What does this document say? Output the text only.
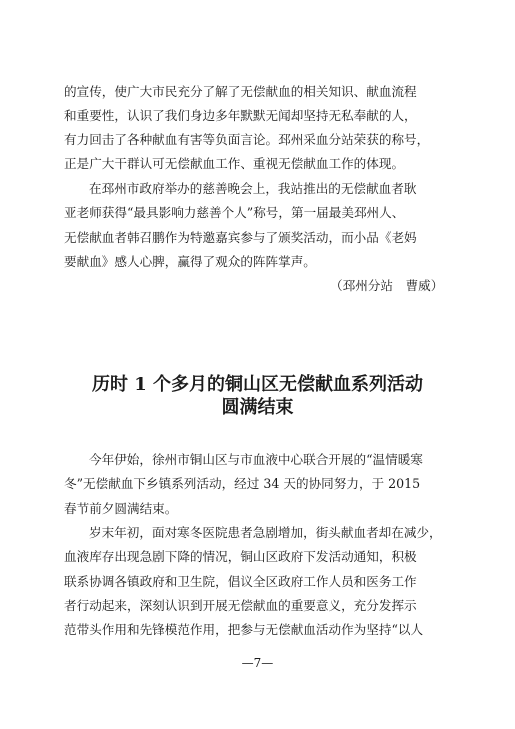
的宣传，使广大市民充分了解了无偿献血的相关知识、献血流程
和重要性，认识了我们身边多年默默无闻却坚持无私奉献的人，
有力回击了各种献血有害等负面言论。邳州采血分站荣获的称号，
正是广大干群认可无偿献血工作、重视无偿献血工作的体现。
在邳州市政府举办的慈善晚会上，我站推出的无偿献血者耿
亚老师获得“最具影响力慈善个人”称号，第一届最美邳州人、
无偿献血者韩召鹏作为特邀嘉宾参与了颁奖活动，而小品《老妈
要献血》感人心脾，赢得了观众的阵阵掌声。
（邳州分站　曹威）
历时 1 个多月的铜山区无偿献血系列活动
圆满结束
今年伊始，徐州市铜山区与市血液中心联合开展的“温情暖寒
冬”无偿献血下乡镇系列活动，经过 34 天的协同努力，于 2015
春节前夕圆满结束。
岁末年初，面对寒冬医院患者急剧增加，街头献血者却在减少，
血液库存出现急剧下降的情况，铜山区政府下发活动通知，积极
联系协调各镇政府和卫生院，倡议全区政府工作人员和医务工作
者行动起来，深刻认识到开展无偿献血的重要意义，充分发挥示
范带头作用和先锋模范作用，把参与无偿献血活动作为坚持“以人
—7—
